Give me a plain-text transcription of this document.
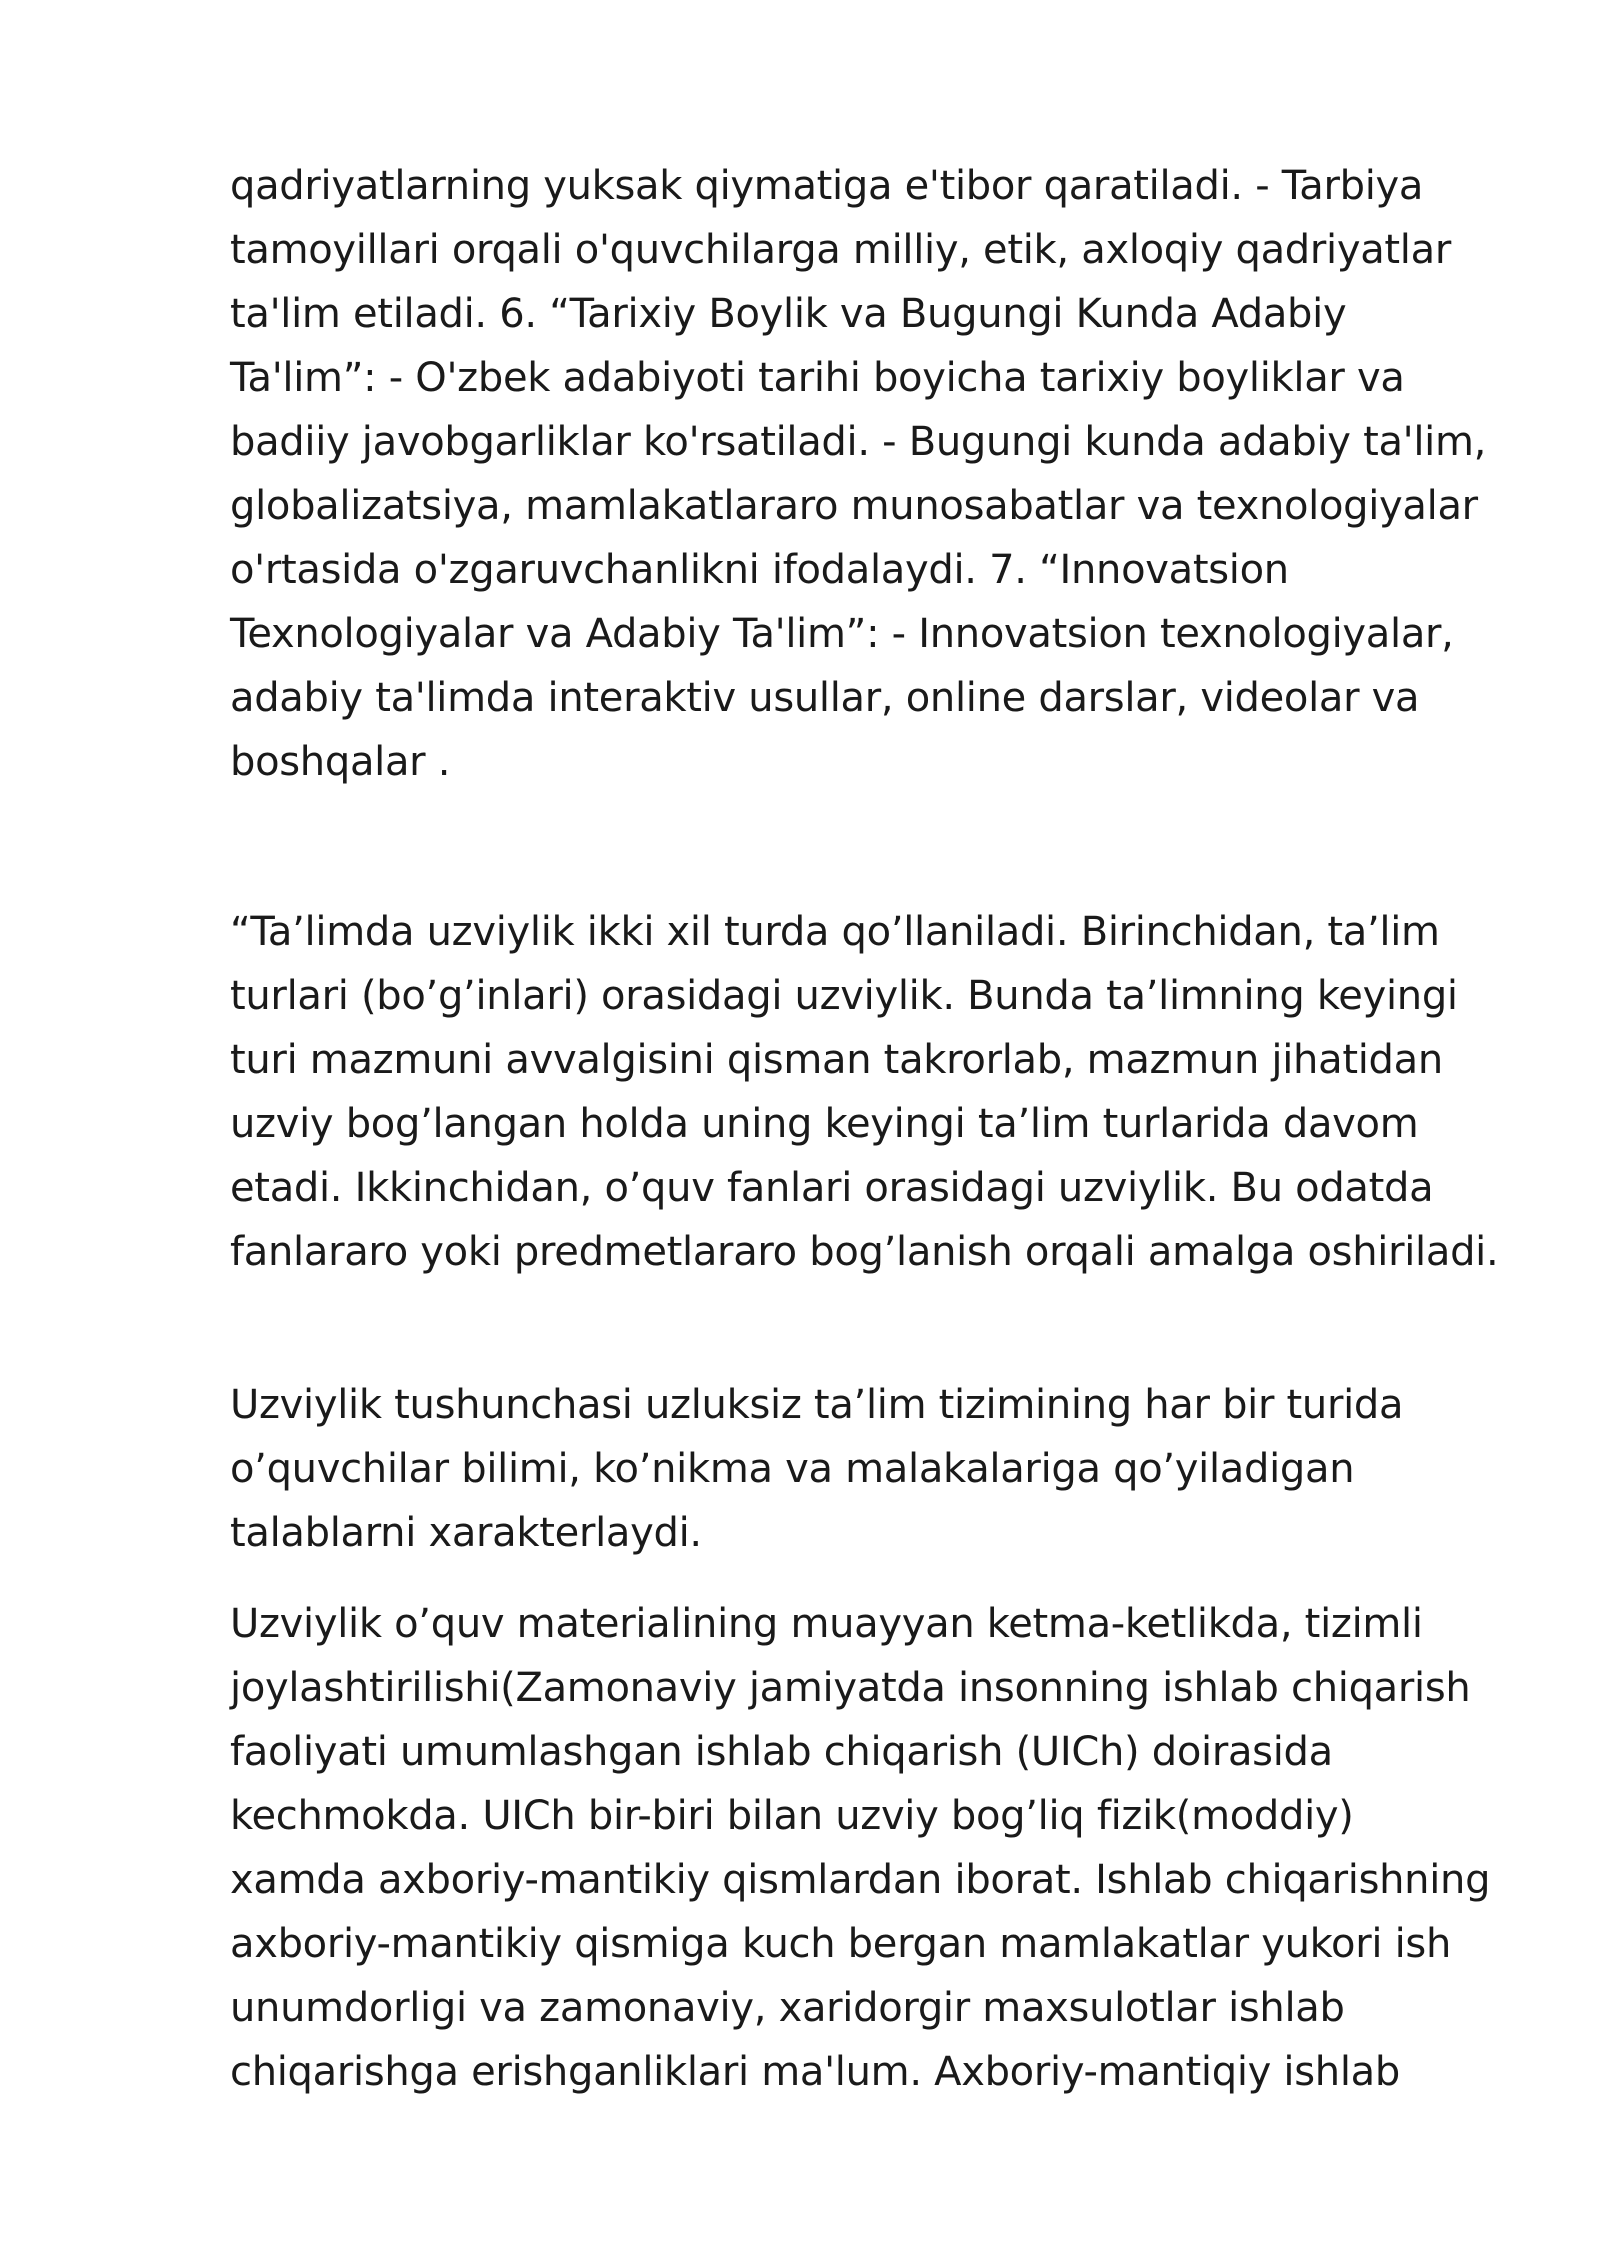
qadriyatlarning yuksak qiymatiga e'tibor qaratiladi. - Tarbiya tamoyillari orqali o'quvchilarga milliy, etik, axloqiy qadriyatlar ta'lim etiladi. 6. “Tarixiy Boylik va Bugungi Kunda Adabiy Ta'lim”: - O'zbek adabiyoti tarihi boyicha tarixiy boyliklar va badiiy javobgarliklar ko'rsatiladi. - Bugungi kunda adabiy ta'lim, globalizatsiya, mamlakatlararo munosabatlar va texnologiyalar o'rtasida o'zgaruvchanlikni ifodalaydi. 7. “Innovatsion Texnologiyalar va Adabiy Ta'lim”: - Innovatsion texnologiyalar, adabiy ta'limda interaktiv usullar, online darslar, videolar va boshqalar .

“Ta’limda uzviylik ikki xil turda qo’llaniladi. Birinchidan, ta’lim turlari (bo’g’inlari) orasidagi uzviylik. Bunda ta’limning keyingi turi mazmuni avvalgisini qisman takrorlab, mazmun jihatidan uzviy bog’langan holda uning keyingi ta’lim turlarida davom etadi. Ikkinchidan, o’quv fanlari orasidagi uzviylik. Bu odatda fanlararo yoki predmetlararo bog’lanish orqali amalga oshiriladi.

Uzviylik tushunchasi uzluksiz ta’lim tizimining har bir turida o’quvchilar bilimi, ko’nikma va malakalariga qo’yiladigan talablarni xarakterlaydi.

Uzviylik o’quv materialining muayyan ketma-ketlikda, tizimli joylashtirilishi(Zamonaviy jamiyatda insonning ishlab chiqarish faoliyati umumlashgan ishlab chiqarish (UICh) doirasida kechmokda. UICh bir-biri bilan uzviy bog’liq fizik(moddiy) xamda axboriy-mantikiy qismlardan iborat. Ishlab chiqarishning axboriy-mantikiy qismiga kuch bergan mamlakatlar yukori ish unumdorligi va zamonaviy, xaridorgir maxsulotlar ishlab chiqarishga erishganliklari ma'lum. Axboriy-mantiqiy ishlab
